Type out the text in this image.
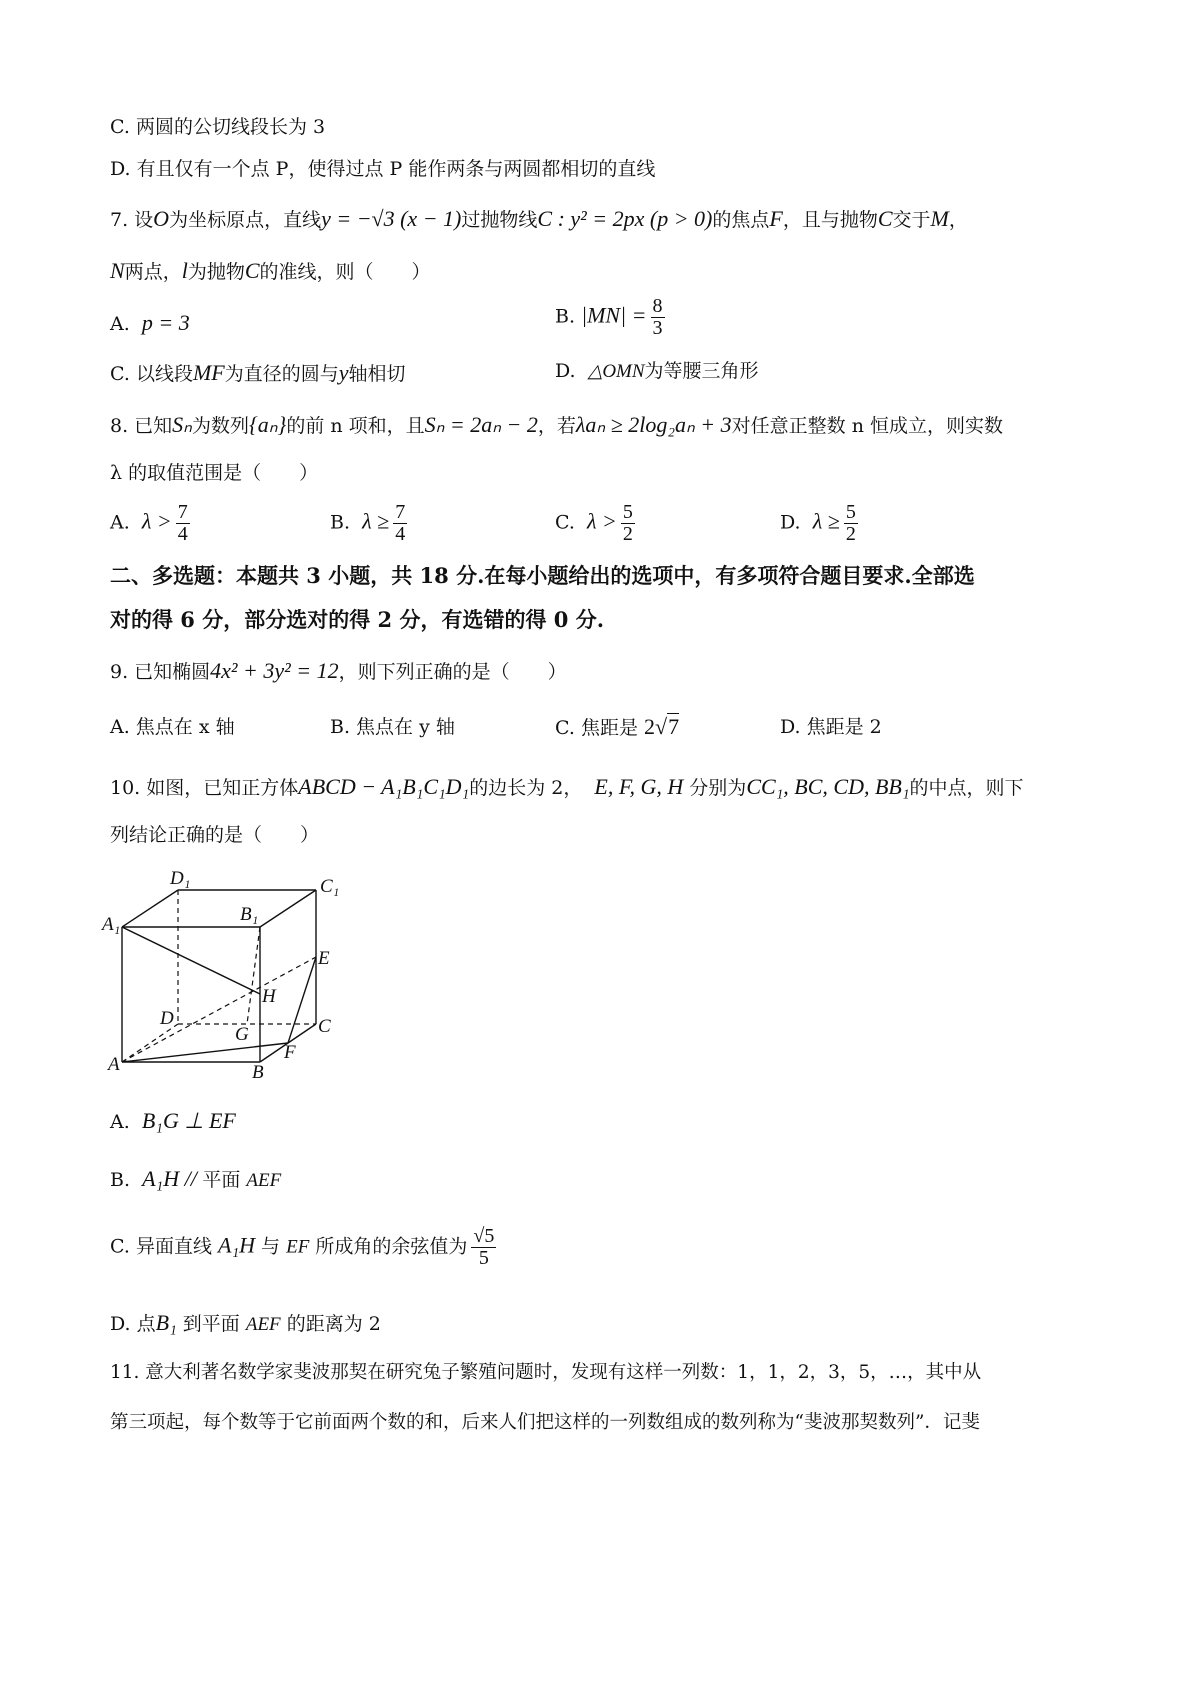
C. 两圆的公切线段长为 3
D. 有且仅有一个点 P，使得过点 P 能作两条与两圆都相切的直线
7. 设O为坐标原点，直线y = −√3 (x − 1)过抛物线C : y² = 2px (p > 0)的焦点F，且与抛物C交于M，
N两点，l为抛物C的准线，则（　　）
A. p = 3	B. $|MN| = \frac{8}{3}$
C. 以线段MF为直径的圆与y轴相切	D. △OMN为等腰三角形
8. 已知Sₙ为数列{aₙ}的前 n 项和，且Sₙ = 2aₙ − 2，若λaₙ ≥ 2log₂aₙ + 3对任意正整数 n 恒成立，则实数
λ 的取值范围是（　　）
A. $\lambda > \frac{7}{4}$	B. $\lambda \ge \frac{7}{4}$	C. $\lambda > \frac{5}{2}$	D. $\lambda \ge \frac{5}{2}$
二、多选题：本题共 3 小题，共 18 分.在每小题给出的选项中，有多项符合题目要求.全部选
对的得 6 分，部分选对的得 2 分，有选错的得 0 分.
9. 已知椭圆4x² + 3y² = 12，则下列正确的是（　　）
A. 焦点在 x 轴	B. 焦点在 y 轴	C. 焦距是 2√7	D. 焦距是 2
10. 如图，已知正方体ABCD − A₁B₁C₁D₁的边长为 2， E, F, G, H 分别为CC₁, BC, CD, BB₁的中点，则下
列结论正确的是（　　）
D₁	C₁
A₁	B₁
E
H
D
G	C
F
A	B
A. B₁G ⊥ EF
B. A₁H // 平面 AEF
C. 异面直线 A₁H 与 EF 所成角的余弦值为 $\frac{√5}{5}$
D. 点B₁ 到平面 AEF 的距离为 2
11. 意大利著名数学家斐波那契在研究兔子繁殖问题时，发现有这样一列数：1，1，2，3，5，…，其中从
第三项起，每个数等于它前面两个数的和，后来人们把这样的一列数组成的数列称为“斐波那契数列”．记斐
